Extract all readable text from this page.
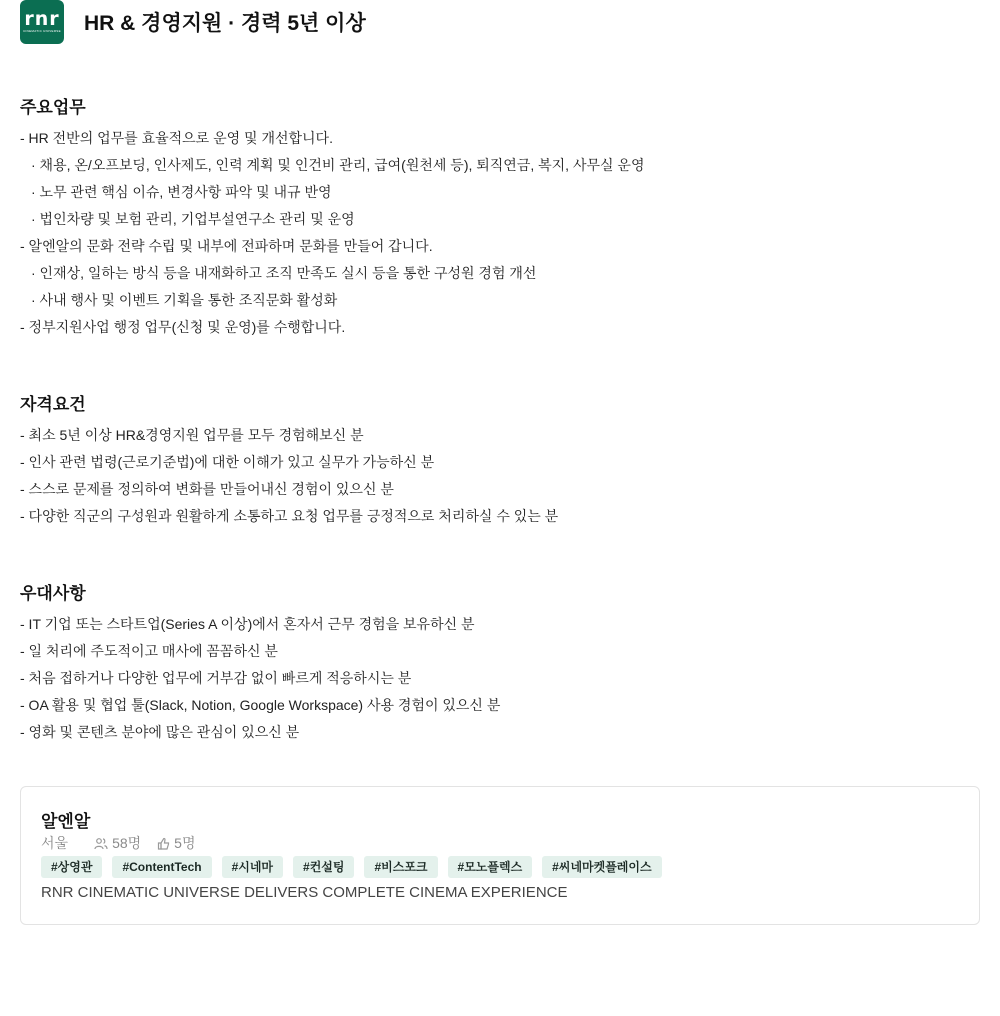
rnr
CINEMATIC UNIVERSE HR & 경영지원 · 경력 5년 이상
주요업무
- HR 전반의 업무를 효율적으로 운영 및 개선합니다.
· 채용, 온/오프보딩, 인사제도, 인력 계획 및 인건비 관리, 급여(원천세 등), 퇴직연금, 복지, 사무실 운영
· 노무 관련 핵심 이슈, 변경사항 파악 및 내규 반영
· 법인차량 및 보험 관리, 기업부설연구소 관리 및 운영
- 알엔알의 문화 전략 수립 및 내부에 전파하며 문화를 만들어 갑니다.
· 인재상, 일하는 방식 등을 내재화하고 조직 만족도 실시 등을 통한 구성원 경험 개선
· 사내 행사 및 이벤트 기획을 통한 조직문화 활성화
- 정부지원사업 행정 업무(신청 및 운영)를 수행합니다.
자격요건
- 최소 5년 이상 HR&경영지원 업무를 모두 경험해보신 분
- 인사 관련 법령(근로기준법)에 대한 이해가 있고 실무가 가능하신 분
- 스스로 문제를 정의하여 변화를 만들어내신 경험이 있으신 분
- 다양한 직군의 구성원과 원활하게 소통하고 요청 업무를 긍정적으로 처리하실 수 있는 분
우대사항
- IT 기업 또는 스타트업(Series A 이상)에서 혼자서 근무 경험을 보유하신 분
- 일 처리에 주도적이고 매사에 꼼꼼하신 분
- 처음 접하거나 다양한 업무에 거부감 없이 빠르게 적응하시는 분
- OA 활용 및 협업 툴(Slack, Notion, Google Workspace) 사용 경험이 있으신 분
- 영화 및 콘텐츠 분야에 많은 관심이 있으신 분
알엔알
서울	58명 5명
#상영관	#ContentTech	#시네마	#컨설팅	#비스포크	#모노플렉스	#씨네마켓플레이스
RNR CINEMATIC UNIVERSE DELIVERS COMPLETE CINEMA EXPERIENCE
